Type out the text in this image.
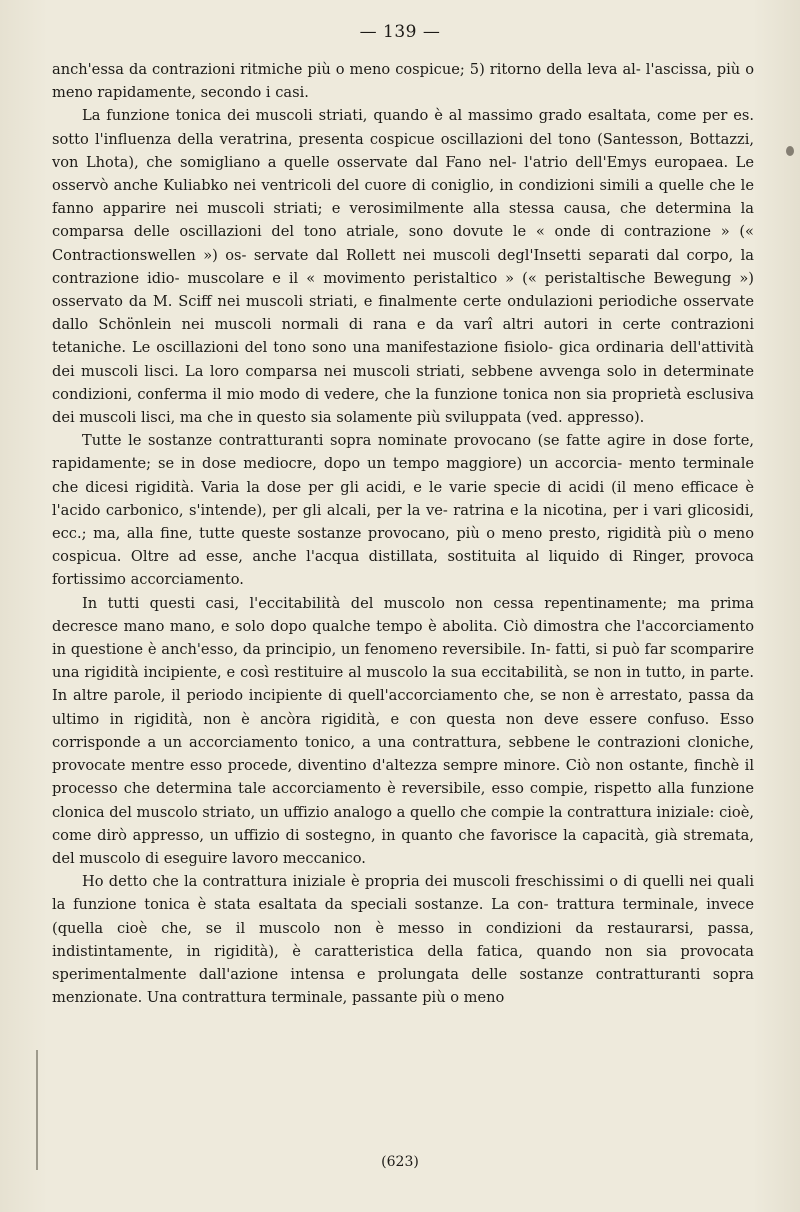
— 139 —

anch'essa da contrazioni ritmiche più o meno cospicue; 5) ritorno della leva al- l'ascissa, più o meno rapidamente, secondo i casi.

La funzione tonica dei muscoli striati, quando è al massimo grado esaltata, come per es. sotto l'influenza della veratrina, presenta cospicue oscillazioni del tono (Santesson, Bottazzi, von Lhota), che somigliano a quelle osservate dal Fano nel- l'atrio dell'Emys europaea. Le osservò anche Kuliabko nei ventricoli del cuore di coniglio, in condizioni simili a quelle che le fanno apparire nei muscoli striati; e verosimilmente alla stessa causa, che determina la comparsa delle oscillazioni del tono atriale, sono dovute le « onde di contrazione » (« Contractionswellen ») os- servate dal Rollett nei muscoli degl'Insetti separati dal corpo, la contrazione idio- muscolare e il « movimento peristaltico » (« peristaltische Bewegung ») osservato da M. Sciff nei muscoli striati, e finalmente certe ondulazioni periodiche osservate dallo Schönlein nei muscoli normali di rana e da varî altri autori in certe contrazioni tetaniche. Le oscillazioni del tono sono una manifestazione fisiolo- gica ordinaria dell'attività dei muscoli lisci. La loro comparsa nei muscoli striati, sebbene avvenga solo in determinate condizioni, conferma il mio modo di vedere, che la funzione tonica non sia proprietà esclusiva dei muscoli lisci, ma che in questo sia solamente più sviluppata (ved. appresso).

Tutte le sostanze contratturanti sopra nominate provocano (se fatte agire in dose forte, rapidamente; se in dose mediocre, dopo un tempo maggiore) un accorcia- mento terminale che dicesi rigidità. Varia la dose per gli acidi, e le varie specie di acidi (il meno efficace è l'acido carbonico, s'intende), per gli alcali, per la ve- ratrina e la nicotina, per i vari glicosidi, ecc.; ma, alla fine, tutte queste sostanze provocano, più o meno presto, rigidità più o meno cospicua. Oltre ad esse, anche l'acqua distillata, sostituita al liquido di Ringer, provoca fortissimo accorciamento.

In tutti questi casi, l'eccitabilità del muscolo non cessa repentinamente; ma prima decresce mano mano, e solo dopo qualche tempo è abolita. Ciò dimostra che l'accorciamento in questione è anch'esso, da principio, un fenomeno reversibile. In- fatti, si può far scomparire una rigidità incipiente, e così restituire al muscolo la sua eccitabilità, se non in tutto, in parte. In altre parole, il periodo incipiente di quell'accorciamento che, se non è arrestato, passa da ultimo in rigidità, non è ancòra rigidità, e con questa non deve essere confuso. Esso corrisponde a un accorciamento tonico, a una contrattura, sebbene le contrazioni cloniche, provocate mentre esso procede, diventino d'altezza sempre minore. Ciò non ostante, finchè il processo che determina tale accorciamento è reversibile, esso compie, rispetto alla funzione clonica del muscolo striato, un uffizio analogo a quello che compie la contrattura iniziale: cioè, come dirò appresso, un uffizio di sostegno, in quanto che favorisce la capacità, già stremata, del muscolo di eseguire lavoro meccanico.

Ho detto che la contrattura iniziale è propria dei muscoli freschissimi o di quelli nei quali la funzione tonica è stata esaltata da speciali sostanze. La con- trattura terminale, invece (quella cioè che, se il muscolo non è messo in condizioni da restaurarsi, passa, indistintamente, in rigidità), è caratteristica della fatica, quando non sia provocata sperimentalmente dall'azione intensa e prolungata delle sostanze contratturanti sopra menzionate. Una contrattura terminale, passante più o meno

(623)
